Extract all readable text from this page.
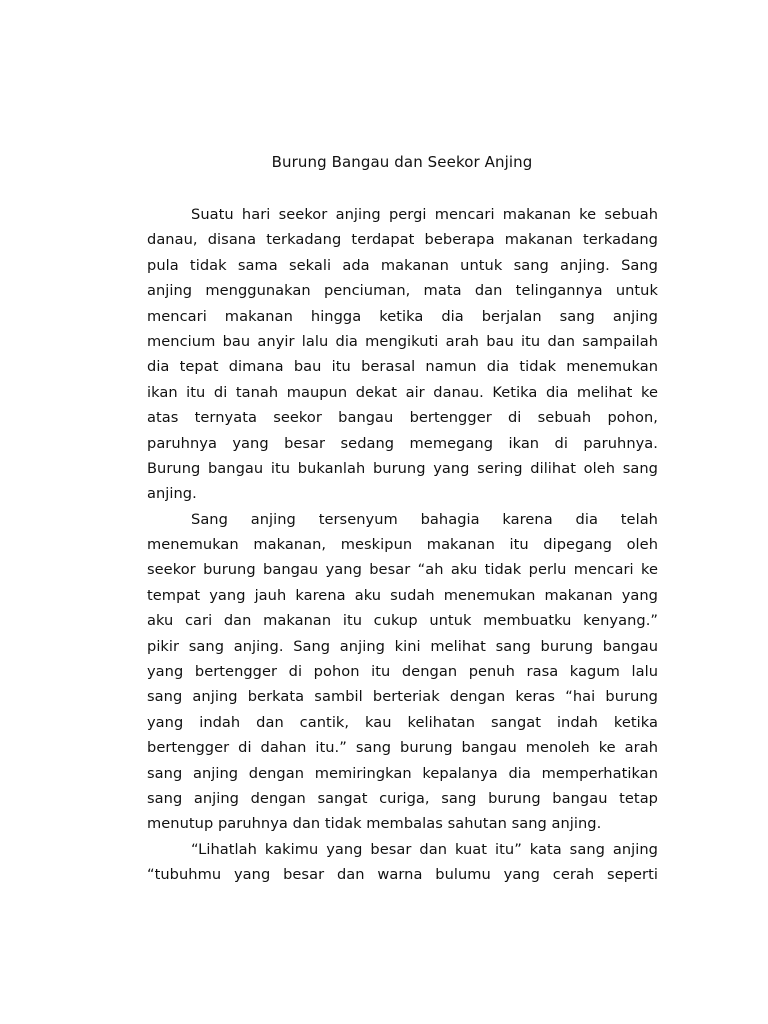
Burung Bangau dan Seekor Anjing
Suatu hari seekor anjing pergi mencari makanan ke sebuah
danau, disana terkadang terdapat beberapa makanan terkadang
pula tidak sama sekali ada makanan untuk sang anjing. Sang
anjing menggunakan penciuman, mata dan telingannya untuk
mencari makanan hingga ketika dia berjalan sang anjing
mencium bau anyir lalu dia mengikuti arah bau itu dan sampailah
dia tepat dimana bau itu berasal namun dia tidak menemukan
ikan itu di tanah maupun dekat air danau. Ketika dia melihat ke
atas ternyata seekor bangau bertengger di sebuah pohon,
paruhnya yang besar sedang memegang ikan di paruhnya.
Burung bangau itu bukanlah burung yang sering dilihat oleh sang
anjing.
Sang anjing tersenyum bahagia karena dia telah
menemukan makanan, meskipun makanan itu dipegang oleh
seekor burung bangau yang besar “ah aku tidak perlu mencari ke
tempat yang jauh karena aku sudah menemukan makanan yang
aku cari dan makanan itu cukup untuk membuatku kenyang.”
pikir sang anjing. Sang anjing kini melihat sang burung bangau
yang bertengger di pohon itu dengan penuh rasa kagum lalu
sang anjing berkata sambil berteriak dengan keras “hai burung
yang indah dan cantik, kau kelihatan sangat indah ketika
bertengger di dahan itu.” sang burung bangau menoleh ke arah
sang anjing dengan memiringkan kepalanya dia memperhatikan
sang anjing dengan sangat curiga, sang burung bangau tetap
menutup paruhnya dan tidak membalas sahutan sang anjing.
“Lihatlah kakimu yang besar dan kuat itu” kata sang anjing
“tubuhmu yang besar dan warna bulumu yang cerah seperti
